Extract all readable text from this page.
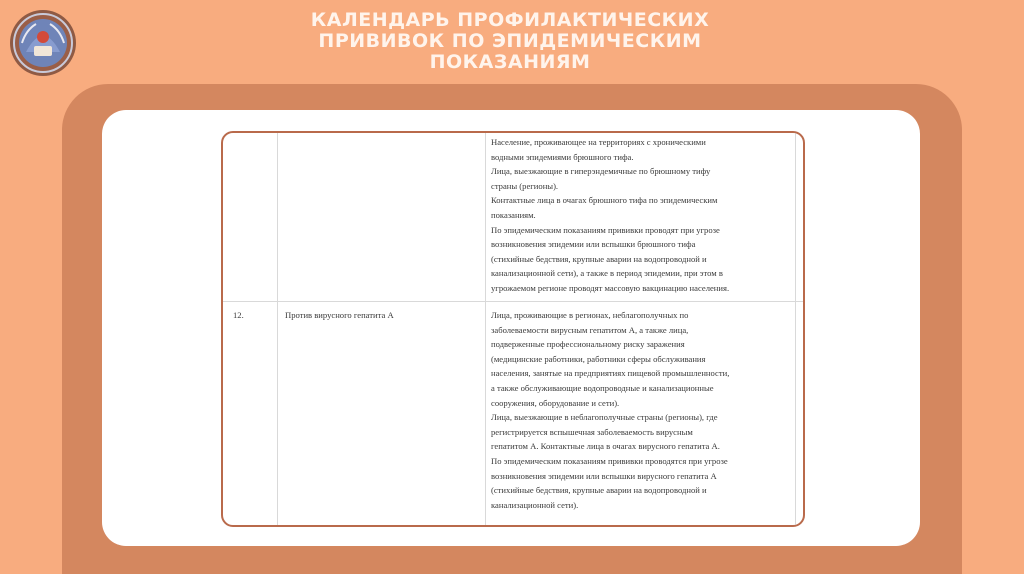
КАЛЕНДАРЬ ПРОФИЛАКТИЧЕСКИХ
ПРИВИВОК ПО ЭПИДЕМИЧЕСКИМ
ПОКАЗАНИЯМ

Население, проживающее на территориях с хроническими

водными эпидемиями брюшного тифа.

Лица, выезжающие в гиперэндемичные по брюшному тифу

страны (регионы).

Контактные лица в очагах брюшного тифа по эпидемическим

показаниям.

По эпидемическим показаниям прививки проводят при угрозе

возникновения эпидемии или вспышки брюшного тифа

(стихийные бедствия, крупные аварии на водопроводной и

канализационной сети), а также в период эпидемии, при этом в

угрожаемом регионе проводят массовую вакцинацию населения.

12.	Против вирусного гепатита А	Лица, проживающие в регионах, неблагополучных по

заболеваемости вирусным гепатитом А, а также лица,

подверженные профессиональному риску заражения

(медицинские работники, работники сферы обслуживания

населения, занятые на предприятиях пищевой промышленности,

а также обслуживающие водопроводные и канализационные

сооружения, оборудование и сети).

Лица, выезжающие в неблагополучные страны (регионы), где

регистрируется вспышечная заболеваемость вирусным

гепатитом А. Контактные лица в очагах вирусного гепатита А.

По эпидемическим показаниям прививки проводятся при угрозе

возникновения эпидемии или вспышки вирусного гепатита А

(стихийные бедствия, крупные аварии на водопроводной и

канализационной сети).
